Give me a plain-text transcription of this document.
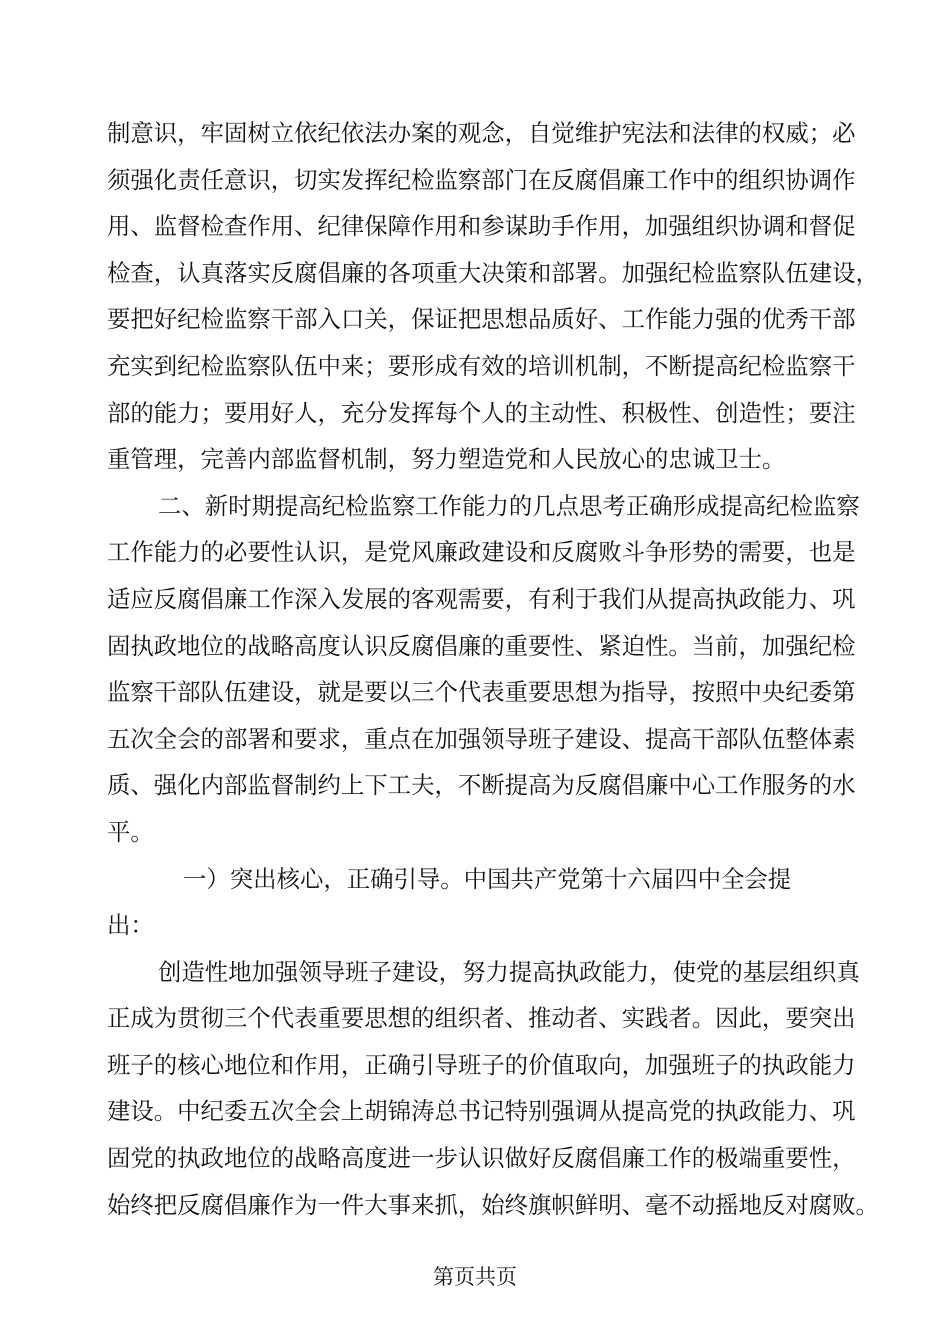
制意识，牢固树立依纪依法办案的观念，自觉维护宪法和法律的权威；必
须强化责任意识，切实发挥纪检监察部门在反腐倡廉工作中的组织协调作
用、监督检查作用、纪律保障作用和参谋助手作用，加强组织协调和督促
检查，认真落实反腐倡廉的各项重大决策和部署。加强纪检监察队伍建设，
要把好纪检监察干部入口关，保证把思想品质好、工作能力强的优秀干部
充实到纪检监察队伍中来；要形成有效的培训机制，不断提高纪检监察干
部的能力；要用好人，充分发挥每个人的主动性、积极性、创造性；要注
重管理，完善内部监督机制，努力塑造党和人民放心的忠诚卫士。
二、新时期提高纪检监察工作能力的几点思考正确形成提高纪检监察
工作能力的必要性认识，是党风廉政建设和反腐败斗争形势的需要，也是
适应反腐倡廉工作深入发展的客观需要，有利于我们从提高执政能力、巩
固执政地位的战略高度认识反腐倡廉的重要性、紧迫性。当前，加强纪检
监察干部队伍建设，就是要以三个代表重要思想为指导，按照中央纪委第
五次全会的部署和要求，重点在加强领导班子建设、提高干部队伍整体素
质、强化内部监督制约上下工夫，不断提高为反腐倡廉中心工作服务的水
平。
一）突出核心，正确引导。中国共产党第十六届四中全会提
出：
创造性地加强领导班子建设，努力提高执政能力，使党的基层组织真
正成为贯彻三个代表重要思想的组织者、推动者、实践者。因此，要突出
班子的核心地位和作用，正确引导班子的价值取向，加强班子的执政能力
建设。中纪委五次全会上胡锦涛总书记特别强调从提高党的执政能力、巩
固党的执政地位的战略高度进一步认识做好反腐倡廉工作的极端重要性，
始终把反腐倡廉作为一件大事来抓，始终旗帜鲜明、毫不动摇地反对腐败。
第页共页
